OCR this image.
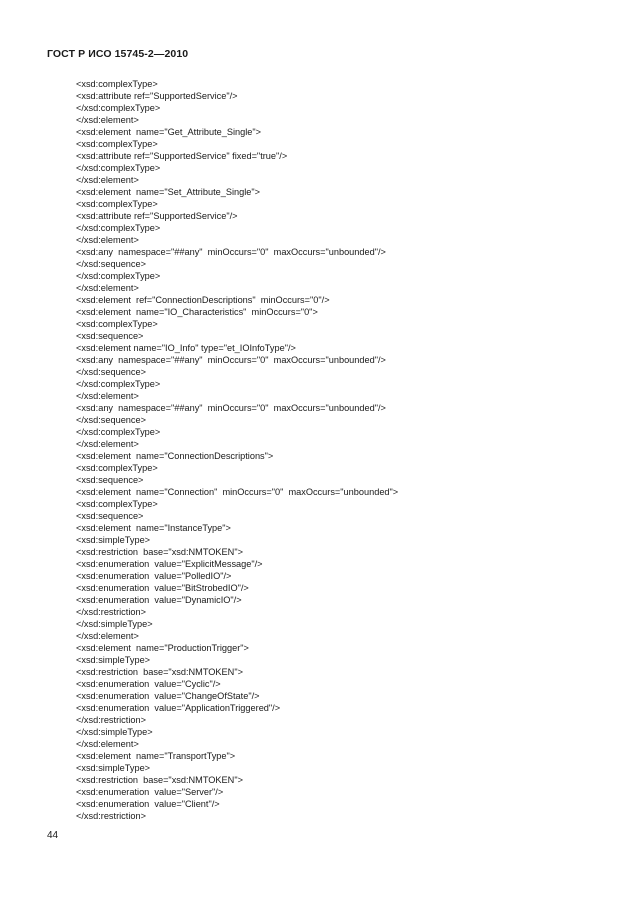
ГОСТ Р ИСО 15745-2—2010
<xsd:complexType>
<xsd:attribute ref="SupportedService"/>
</xsd:complexType>
</xsd:element>
<xsd:element  name="Get_Attribute_Single">
<xsd:complexType>
<xsd:attribute ref="SupportedService" fixed="true"/>
</xsd:complexType>
</xsd:element>
<xsd:element  name="Set_Attribute_Single">
<xsd:complexType>
<xsd:attribute ref="SupportedService"/>
</xsd:complexType>
</xsd:element>
<xsd:any  namespace="##any"  minOccurs="0"  maxOccurs="unbounded"/>
</xsd:sequence>
</xsd:complexType>
</xsd:element>
<xsd:element  ref="ConnectionDescriptions"  minOccurs="0"/>
<xsd:element  name="IO_Characteristics"  minOccurs="0">
<xsd:complexType>
<xsd:sequence>
<xsd:element name="IO_Info" type="et_IOInfoType"/>
<xsd:any  namespace="##any"  minOccurs="0"  maxOccurs="unbounded"/>
</xsd:sequence>
</xsd:complexType>
</xsd:element>
<xsd:any  namespace="##any"  minOccurs="0"  maxOccurs="unbounded"/>
</xsd:sequence>
</xsd:complexType>
</xsd:element>
<xsd:element  name="ConnectionDescriptions">
<xsd:complexType>
<xsd:sequence>
<xsd:element  name="Connection"  minOccurs="0"  maxOccurs="unbounded">
<xsd:complexType>
<xsd:sequence>
<xsd:element  name="InstanceType">
<xsd:simpleType>
<xsd:restriction  base="xsd:NMTOKEN">
<xsd:enumeration  value="ExplicitMessage"/>
<xsd:enumeration  value="PolledIO"/>
<xsd:enumeration  value="BitStrobedIO"/>
<xsd:enumeration  value="DynamicIO"/>
</xsd:restriction>
</xsd:simpleType>
</xsd:element>
<xsd:element  name="ProductionTrigger">
<xsd:simpleType>
<xsd:restriction  base="xsd:NMTOKEN">
<xsd:enumeration  value="Cyclic"/>
<xsd:enumeration  value="ChangeOfState"/>
<xsd:enumeration  value="ApplicationTriggered"/>
</xsd:restriction>
</xsd:simpleType>
</xsd:element>
<xsd:element  name="TransportType">
<xsd:simpleType>
<xsd:restriction  base="xsd:NMTOKEN">
<xsd:enumeration  value="Server"/>
<xsd:enumeration  value="Client"/>
</xsd:restriction>
44
